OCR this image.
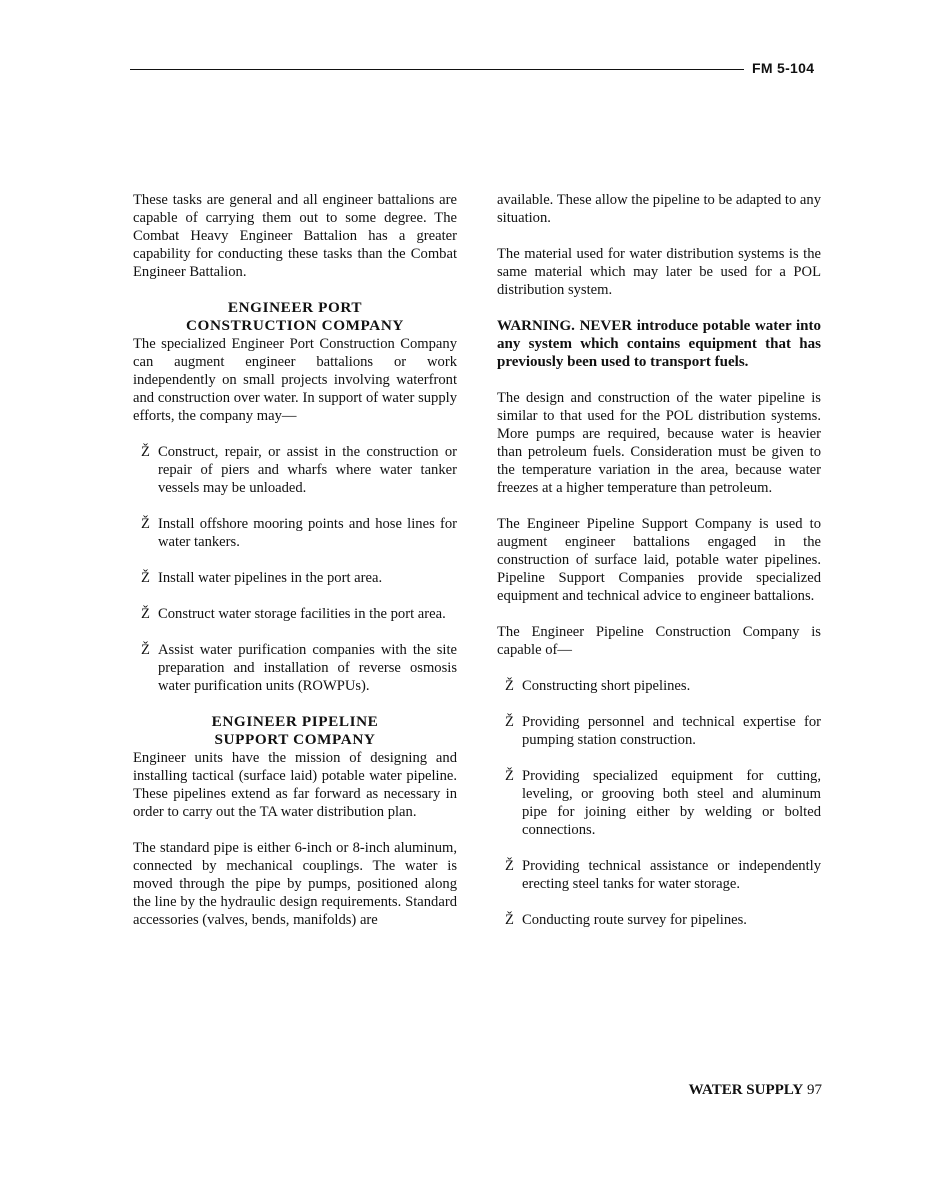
FM 5-104

These tasks are general and all engineer battalions are capable of carrying them out to some degree. The Combat Heavy Engineer Battalion has a greater capability for conducting these tasks than the Combat Engineer Battalion.

ENGINEER PORT
CONSTRUCTION COMPANY

The specialized Engineer Port Construction Company can augment engineer battalions or work independently on small projects involving waterfront and construction over water. In support of water supply efforts, the company may—

Ž Construct, repair, or assist in the construction or repair of piers and wharfs where water tanker vessels may be unloaded.
Ž Install offshore mooring points and hose lines for water tankers.
Ž Install water pipelines in the port area.
Ž Construct water storage facilities in the port area.
Ž Assist water purification companies with the site preparation and installation of reverse osmosis water purification units (ROWPUs).
ENGINEER PIPELINE
SUPPORT COMPANY

Engineer units have the mission of designing and installing tactical (surface laid) potable water pipeline. These pipelines extend as far forward as necessary in order to carry out the TA water distribution plan.

The standard pipe is either 6-inch or 8-inch aluminum, connected by mechanical couplings. The water is moved through the pipe by pumps, positioned along the line by the hydraulic design requirements. Standard accessories (valves, bends, manifolds) are

available. These allow the pipeline to be adapted to any situation.

The material used for water distribution systems is the same material which may later be used for a POL distribution system.

WARNING. NEVER introduce potable water into any system which contains equipment that has previously been used to transport fuels.

The design and construction of the water pipeline is similar to that used for the POL distribution systems. More pumps are required, because water is heavier than petroleum fuels. Consideration must be given to the temperature variation in the area, because water freezes at a higher temperature than petroleum.

The Engineer Pipeline Support Company is used to augment engineer battalions engaged in the construction of surface laid, potable water pipelines. Pipeline Support Companies provide specialized equipment and technical advice to engineer battalions.

The Engineer Pipeline Construction Company is capable of—

Ž Constructing short pipelines.
Ž Providing personnel and technical expertise for pumping station construction.
Ž Providing specialized equipment for cutting, leveling, or grooving both steel and aluminum pipe for joining either by welding or bolted connections.
Ž Providing technical assistance or independently erecting steel tanks for water storage.
Ž Conducting route survey for pipelines.
WATER SUPPLY 97
